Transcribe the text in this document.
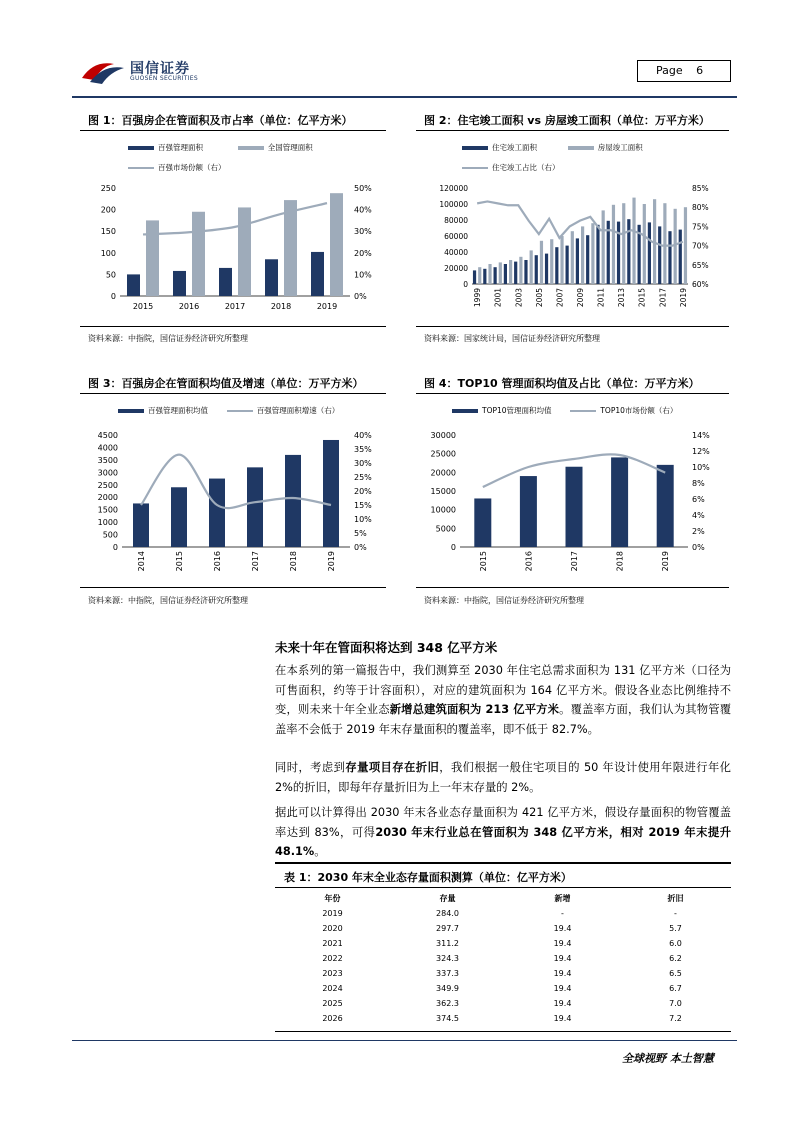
国信证券
GUOSEN SECURITIES
Page 6
图 1：百强房企在管面积及市占率（单位：亿平方米）	图 2：住宅竣工面积 vs 房屋竣工面积（单位：万平方米）
百强管理面积	全国管理面积
百强市场份额（右）
住宅竣工面积	房屋竣工面积
住宅竣工占比（右）
0
50
100
150
200
250
0%
10%
20%
30%
40%
50%
2015	2016	2017	2018	2019
0
20000
40000
60000
80000
100000
120000
60%
65%
70%
75%
80%
85%
1999 2001 2003 2005 2007 2009 2011 2013 2015 2017 2019
资料来源：中指院，国信证券经济研究所整理	资料来源：国家统计局，国信证券经济研究所整理
图 3：百强房企在管面积均值及增速（单位：万平方米）	图 4：TOP10 管理面积均值及占比（单位：万平方米）
百强管理面积均值	百强管理面积增速（右）	TOP10管理面积均值	TOP10市场份额（右）
0
500
1000
1500
2000
2500
3000
3500
4000
4500
0%
5%
10%
15%
20%
25%
30%
35%
40%
2014	2015	2016	2017	2018	2019
0
5000
10000
15000
20000
25000
30000
0%
2%
4%
6%
8%
10%
12%
14%
2015	2016	2017	2018	2019
资料来源：中指院，国信证券经济研究所整理	资料来源：中指院，国信证券经济研究所整理
未来十年在管面积将达到 348 亿平方米
在本系列的第一篇报告中，我们测算至 2030 年住宅总需求面积为 131 亿平方米（口径为可售面积，约等于计容面积），对应的建筑面积为 164 亿平方米。假设各业态比例维持不变，则未来十年全业态新增总建筑面积为 213 亿平方米。覆盖率方面，我们认为其物管覆盖率不会低于 2019 年末存量面积的覆盖率，即不低于 82.7%。
同时，考虑到存量项目存在折旧，我们根据一般住宅项目的 50 年设计使用年限进行年化 2%的折旧，即每年存量折旧为上一年末存量的 2%。
据此可以计算得出 2030 年末各业态存量面积为 421 亿平方米，假设存量面积的物管覆盖率达到 83%，可得2030 年末行业总在管面积为 348 亿平方米，相对 2019 年末提升 48.1%。
表 1：2030 年末全业态存量面积测算（单位：亿平方米）
年份	存量	新增	折旧
2019	284.0	-	-
2020	297.7	19.4	5.7
2021	311.2	19.4	6.0
2022	324.3	19.4	6.2
2023	337.3	19.4	6.5
2024	349.9	19.4	6.7
2025	362.3	19.4	7.0
2026	374.5	19.4	7.2
全球视野 本土智慧
